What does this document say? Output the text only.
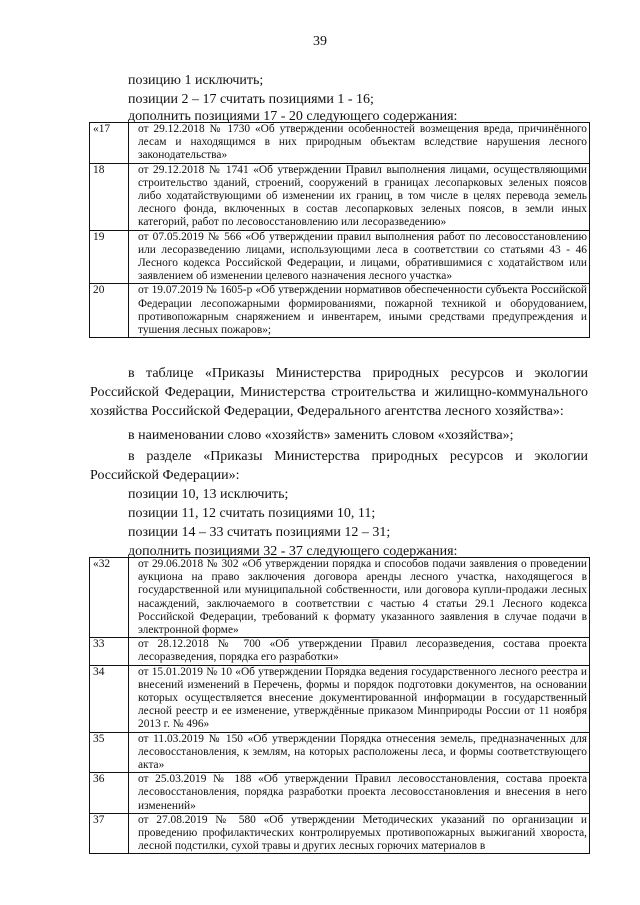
39
позицию 1 исключить;
позиции 2 – 17 считать позициями 1 - 16;
дополнить позициями 17 - 20 следующего содержания:
«17	от 29.12.2018 № 1730 «Об утверждении особенностей возмещения вреда, причинённого лесам и находящимся в них природным объектам вследствие нарушения лесного законодательства»
18	от 29.12.2018 № 1741 «Об утверждении Правил выполнения лицами, осуществляющими строительство зданий, строений, сооружений в границах лесопарковых зеленых поясов либо ходатайствующими об изменении их границ, в том числе в целях перевода земель лесного фонда, включенных в состав лесопарковых зеленых поясов, в земли иных категорий, работ по лесовосстановлению или лесоразведению»
19	от 07.05.2019 № 566 «Об утверждении правил выполнения работ по лесовосстановлению или лесоразведению лицами, использующими леса в соответствии со статьями 43 - 46 Лесного кодекса Российской Федерации, и лицами, обратившимися с ходатайством или заявлением об изменении целевого назначения лесного участка»
20	от 19.07.2019 № 1605-р «Об утверждении нормативов обеспеченности субъекта Российской Федерации лесопожарными формированиями, пожарной техникой и оборудованием, противопожарным снаряжением и инвентарем, иными средствами предупреждения и тушения лесных пожаров»;
в таблице «Приказы Министерства природных ресурсов и экологии Российской Федерации, Министерства строительства и жилищно-коммунального хозяйства Российской Федерации, Федерального агентства лесного хозяйства»:
в наименовании слово «хозяйств» заменить словом «хозяйства»;
в разделе «Приказы Министерства природных ресурсов и экологии Российской Федерации»:
позиции 10, 13 исключить;
позиции 11, 12 считать позициями 10, 11;
позиции 14 – 33 считать позициями 12 – 31;
дополнить позициями 32 - 37 следующего содержания:
«32	от 29.06.2018 № 302 «Об утверждении порядка и способов подачи заявления о проведении аукциона на право заключения договора аренды лесного участка, находящегося в государственной или муниципальной собственности, или договора купли-продажи лесных насаждений, заключаемого в соответствии с частью 4 статьи 29.1 Лесного кодекса Российской Федерации, требований к формату указанного заявления в случае подачи в электронной форме»
33	от 28.12.2018 № 700 «Об утверждении Правил лесоразведения, состава проекта лесоразведения, порядка его разработки»
34	от 15.01.2019 № 10 «Об утверждении Порядка ведения государственного лесного реестра и внесений изменений в Перечень, формы и порядок подготовки документов, на основании которых осуществляется внесение документированной информации в государственный лесной реестр и ее изменение, утверждённые приказом Минприроды России от 11 ноября 2013 г. № 496»
35	от 11.03.2019 № 150 «Об утверждении Порядка отнесения земель, предназначенных для лесовосстановления, к землям, на которых расположены леса, и формы соответствующего акта»
36	от 25.03.2019 № 188 «Об утверждении Правил лесовосстановления, состава проекта лесовосстановления, порядка разработки проекта лесовосстановления и внесения в него изменений»
37	от 27.08.2019 № 580 «Об утверждении Методических указаний по организации и проведению профилактических контролируемых противопожарных выжиганий хвороста, лесной подстилки, сухой травы и других лесных горючих материалов в
